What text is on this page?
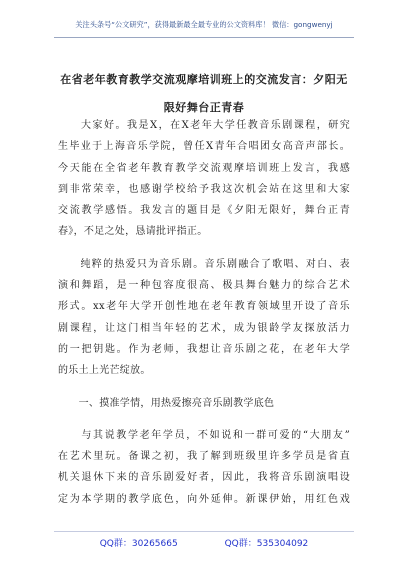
关注头条号“公文研究”，获得最新最全最专业的公文资料库！ 微信：gongwenyj
在省老年教育教学交流观摩培训班上的交流发言：夕阳无
限好舞台正青春
　　大家好。我是X，在X老年大学任教音乐剧课程，研究
生毕业于上海音乐学院，曾任X青年合唱团女高音声部长。
今天能在全省老年教育教学交流观摩培训班上发言，我感
到非常荣幸，也感谢学校给予我这次机会站在这里和大家
交流教学感悟。我发言的题目是《夕阳无限好，舞台正青
春》，不足之处，恳请批评指正。
　　纯粹的热爱只为音乐剧。音乐剧融合了歌唱、对白、表
演和舞蹈，是一种包容度很高、极具舞台魅力的综合艺术
形式。xx老年大学开创性地在老年教育领域里开设了音乐
剧课程，让这门相当年轻的艺术，成为银龄学友探放活力
的一把钥匙。作为老师，我想让音乐剧之花，在老年大学
的乐土上光芒绽放。
　　一、摸准学情，用热爱擦亮音乐剧教学底色
　　与其说教学老年学员，不如说和一群可爱的“大朋友”
在艺术里玩。备课之初，我了解到班级里许多学员是省直
机关退休下来的音乐剧爱好者，因此，我将音乐剧演唱设
定为本学期的教学底色，向外延伸。新课伊始，用红色戏
QQ群：30265665	QQ群：535304092
